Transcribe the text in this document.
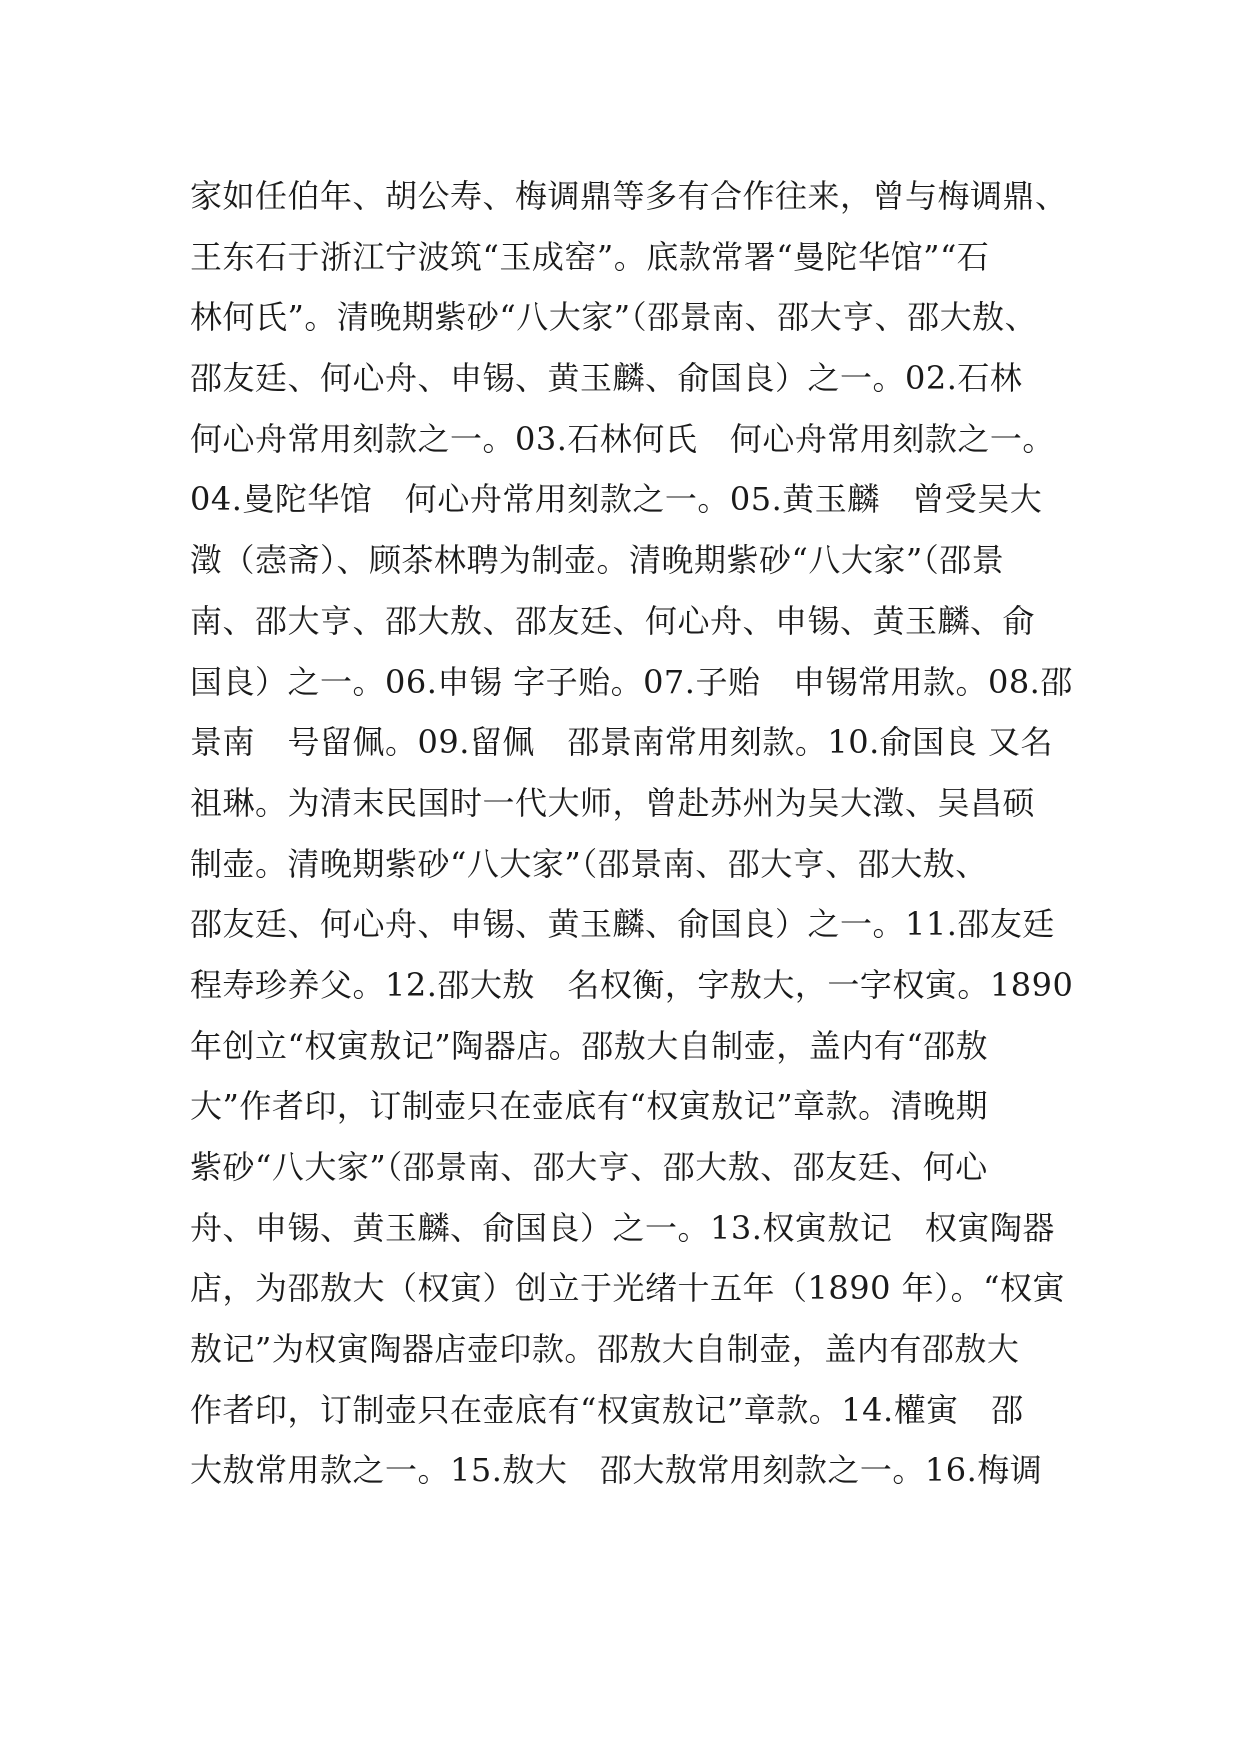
家如任伯年、胡公寿、梅调鼎等多有合作往来，曾与梅调鼎、
王东石于浙江宁波筑“玉成窑”。底款常署“曼陀华馆”“石
林何氏”。清晚期紫砂“八大家”（邵景南、邵大亨、邵大敖、
邵友廷、何心舟、申锡、黄玉麟、俞国良）之一。02.石林
何心舟常用刻款之一。03.石林何氏　何心舟常用刻款之一。
04.曼陀华馆　何心舟常用刻款之一。05.黄玉麟　曾受吴大
澂（悫斋）、顾茶林聘为制壶。清晚期紫砂“八大家”（邵景
南、邵大亨、邵大敖、邵友廷、何心舟、申锡、黄玉麟、俞
国良）之一。06.申锡 字子贻。07.子贻　申锡常用款。08.邵
景南　号留佩。09.留佩　邵景南常用刻款。10.俞国良 又名
祖琳。为清末民国时一代大师，曾赴苏州为吴大澂、吴昌硕
制壶。清晚期紫砂“八大家”（邵景南、邵大亨、邵大敖、
邵友廷、何心舟、申锡、黄玉麟、俞国良）之一。11.邵友廷
程寿珍养父。12.邵大敖　名权衡，字敖大，一字权寅。1890
年创立“权寅敖记”陶器店。邵敖大自制壶，盖内有“邵敖
大”作者印，订制壶只在壶底有“权寅敖记”章款。清晚期
紫砂“八大家”（邵景南、邵大亨、邵大敖、邵友廷、何心
舟、申锡、黄玉麟、俞国良）之一。13.权寅敖记　权寅陶器
店，为邵敖大（权寅）创立于光绪十五年（1890 年）。“权寅
敖记”为权寅陶器店壶印款。邵敖大自制壶，盖内有邵敖大
作者印，订制壶只在壶底有“权寅敖记”章款。14.權寅　邵
大敖常用款之一。15.敖大　邵大敖常用刻款之一。16.梅调
